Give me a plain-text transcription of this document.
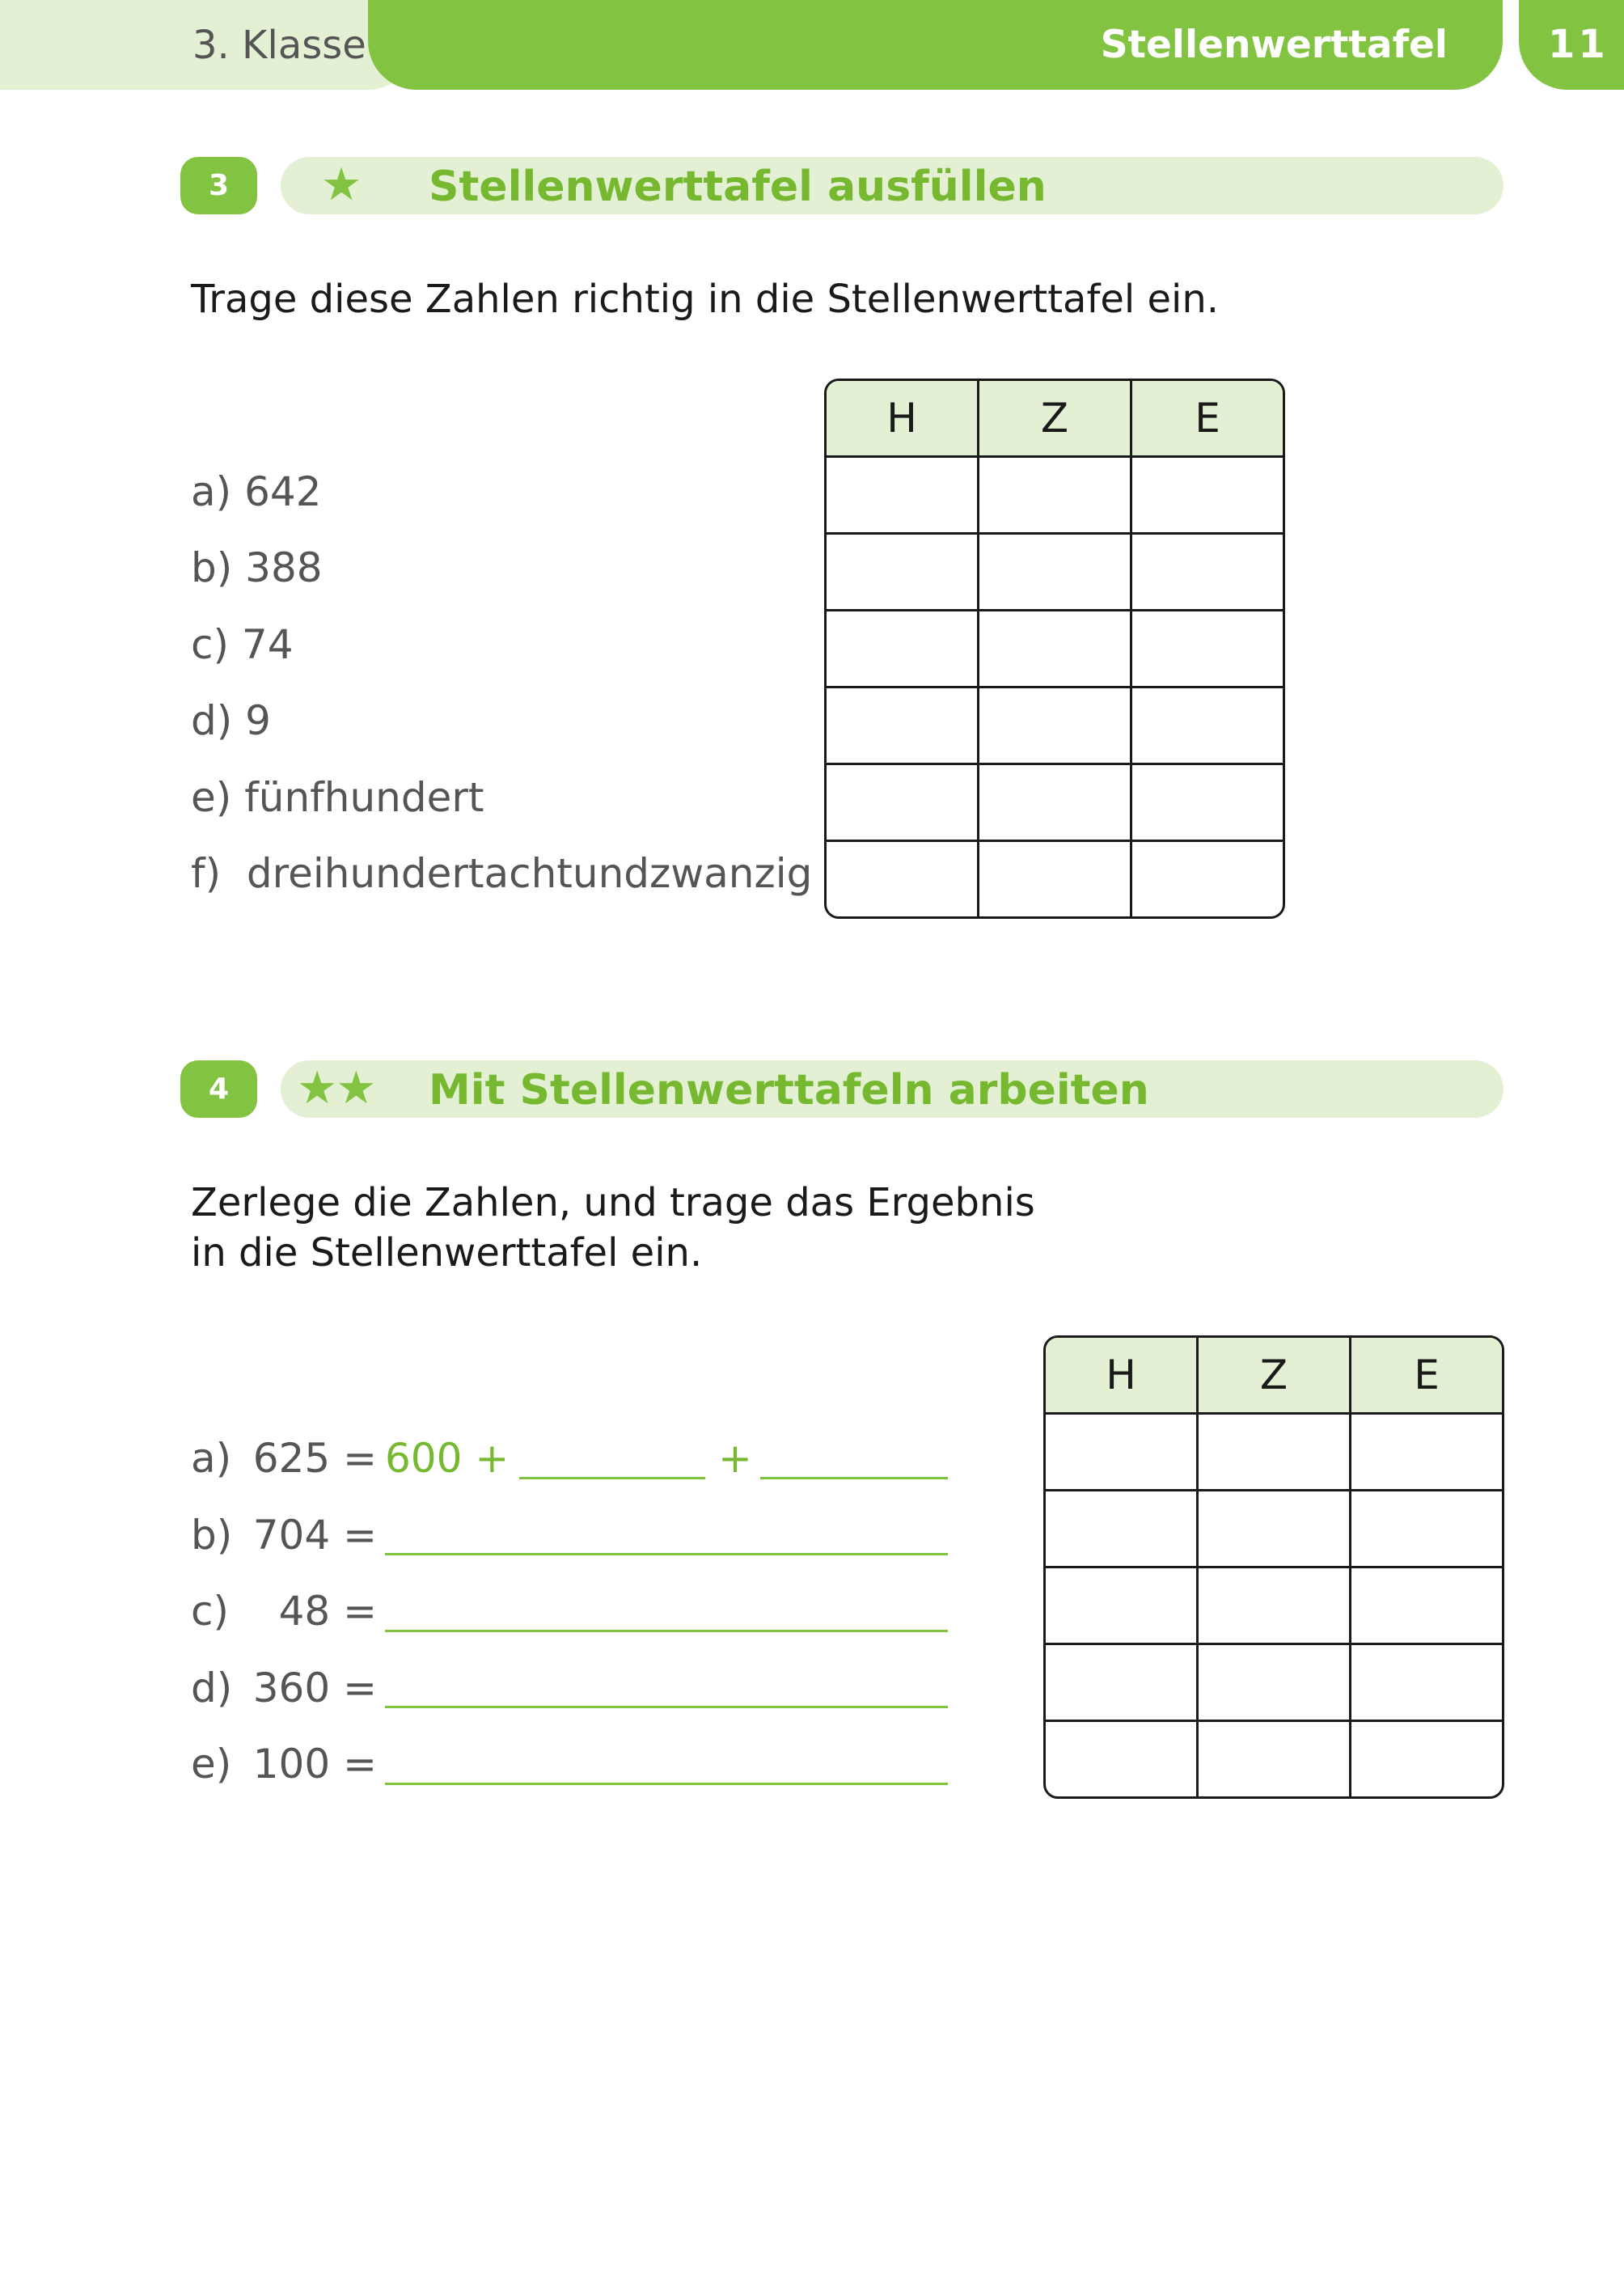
3. Klasse	Stellenwerttafel	11
3	★ Stellenwerttafel ausfüllen
Trage diese Zahlen richtig in die Stellenwerttafel ein.
a) 642
b) 388
c) 74
d) 9
e) fünfhundert
f) dreihundertachtundzwanzig
H	Z	E

4	★★ Mit Stellenwerttafeln arbeiten
Zerlege die Zahlen, und trage das Ergebnis
in die Stellenwerttafel ein.
a) 625 = 600 +	+
b) 704 =
c) 48 =
d) 360 =
e) 100 =
H	Z	E
